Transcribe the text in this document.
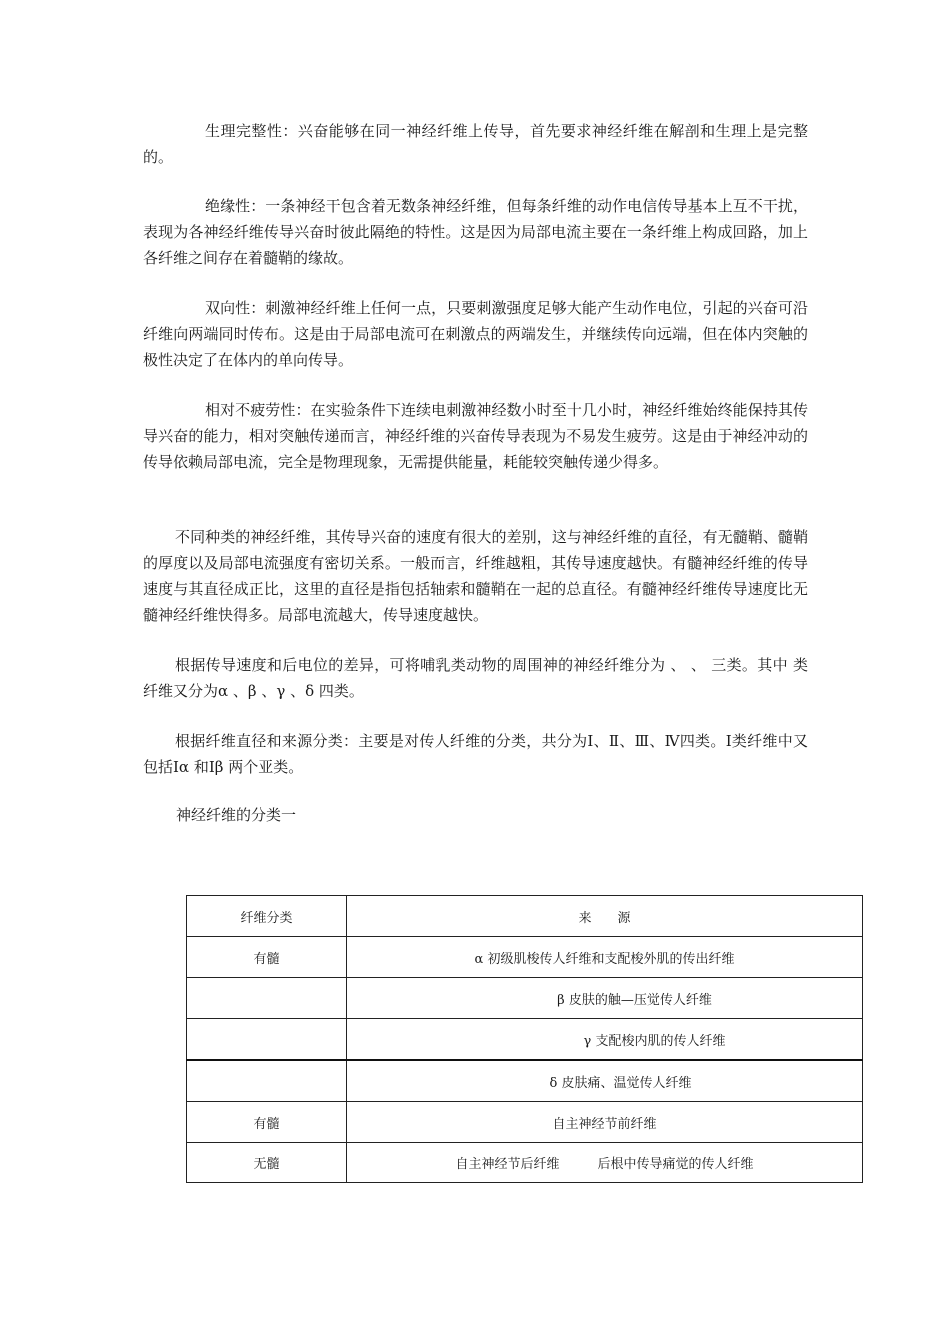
生理完整性：兴奋能够在同一神经纤维上传导，首先要求神经纤维在解剖和生理上是完整的。

绝缘性：一条神经干包含着无数条神经纤维，但每条纤维的动作电信传导基本上互不干扰，表现为各神经纤维传导兴奋时彼此隔绝的特性。这是因为局部电流主要在一条纤维上构成回路，加上各纤维之间存在着髓鞘的缘故。

双向性：刺激神经纤维上任何一点，只要刺激强度足够大能产生动作电位，引起的兴奋可沿纤维向两端同时传布。这是由于局部电流可在刺激点的两端发生，并继续传向远端，但在体内突触的极性决定了在体内的单向传导。

相对不疲劳性：在实验条件下连续电刺激神经数小时至十几小时，神经纤维始终能保持其传导兴奋的能力，相对突触传递而言，神经纤维的兴奋传导表现为不易发生疲劳。这是由于神经冲动的传导依赖局部电流，完全是物理现象，无需提供能量，耗能较突触传递少得多。

不同种类的神经纤维，其传导兴奋的速度有很大的差别，这与神经纤维的直径，有无髓鞘、髓鞘的厚度以及局部电流强度有密切关系。一般而言，纤维越粗，其传导速度越快。有髓神经纤维的传导速度与其直径成正比，这里的直径是指包括轴索和髓鞘在一起的总直径。有髓神经纤维传导速度比无髓神经纤维快得多。局部电流越大，传导速度越快。

根据传导速度和后电位的差异，可将哺乳类动物的周围神的神经纤维分为 、 、 三类。其中 类纤维又分为α 、β 、γ 、δ 四类。

根据纤维直径和来源分类：主要是对传人纤维的分类，共分为Ⅰ、Ⅱ、Ⅲ、Ⅳ四类。Ⅰ类纤维中又包括Ⅰα 和Ⅰβ 两个亚类。

神经纤维的分类一

纤维分类	来　　源
有髓	α 初级肌梭传人纤维和支配梭外肌的传出纤维
	β 皮肤的触—压觉传人纤维
	γ 支配梭内肌的传人纤维
	δ 皮肤痛、温觉传人纤维
有髓	自主神经节前纤维
无髓	自主神经节后纤维 后根中传导痛觉的传人纤维
